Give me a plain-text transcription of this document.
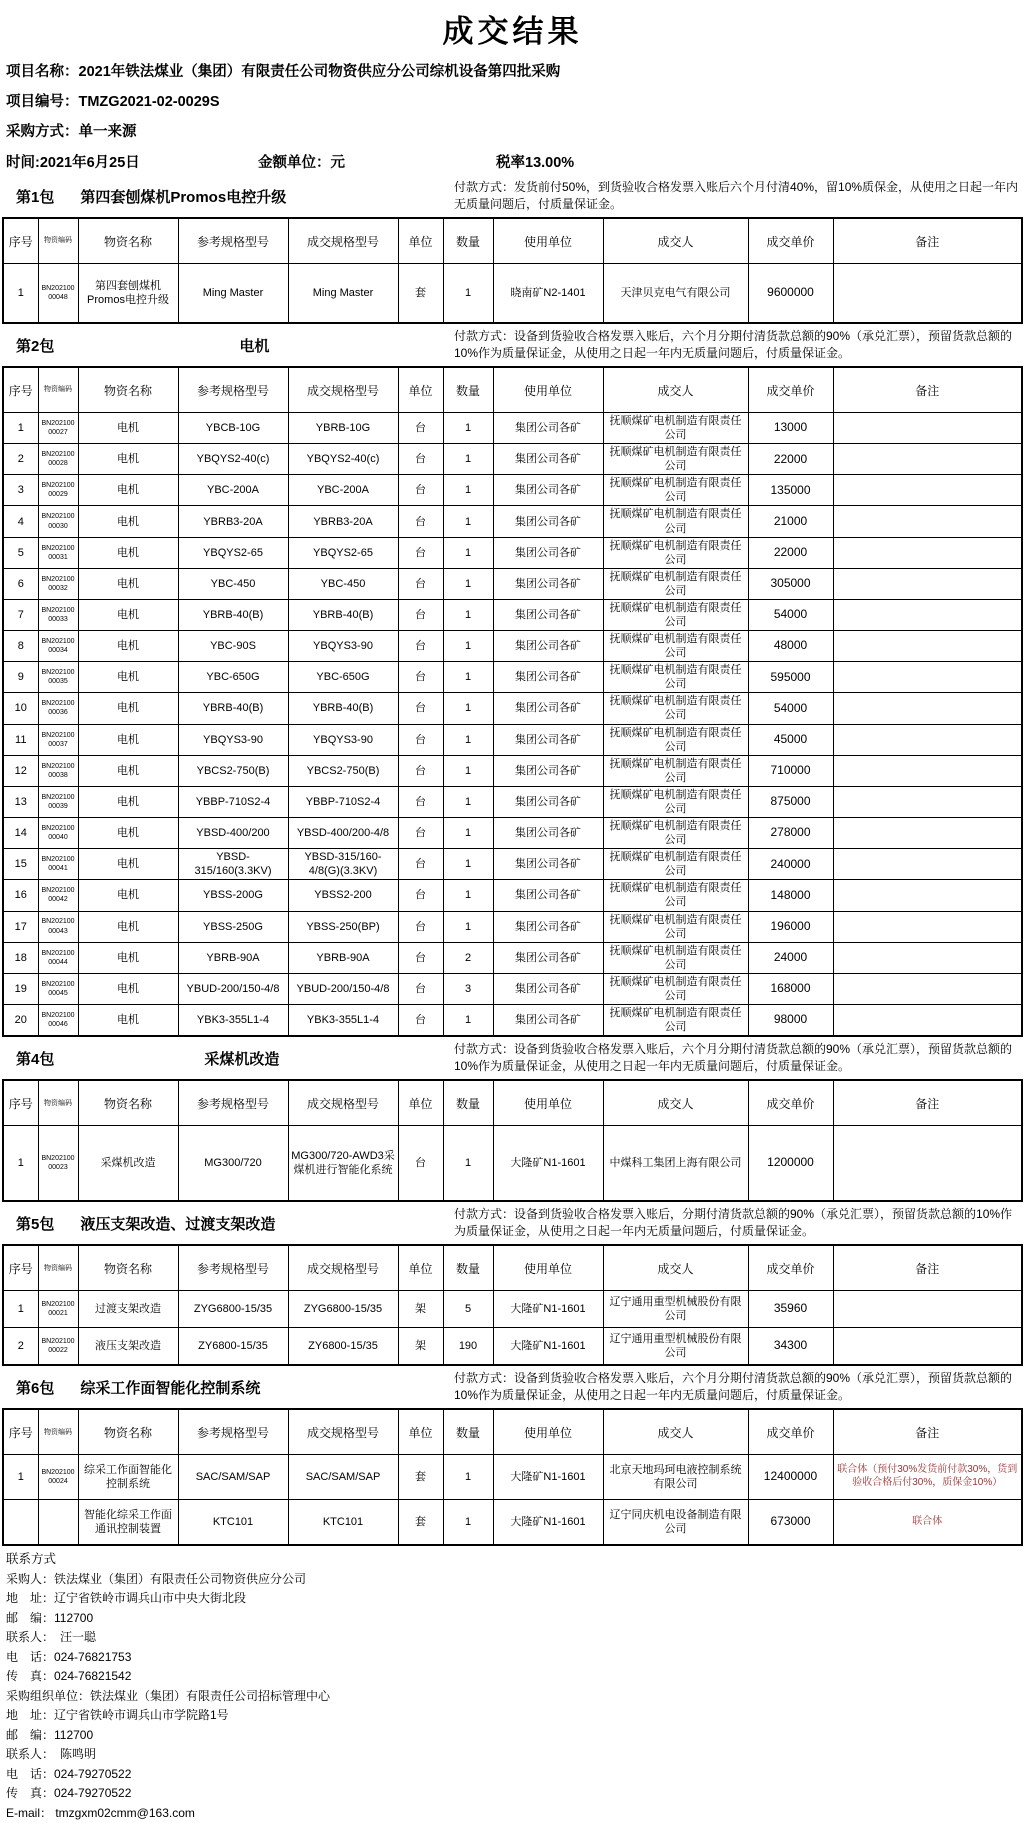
成交结果
项目名称：2021年铁法煤业（集团）有限责任公司物资供应分公司综机设备第四批采购
项目编号：TMZG2021-02-0029S
采购方式：单一来源
时间:2021年6月25日	金额单位：元	税率13.00%
第1包 第四套刨煤机Promos电控升级
付款方式：发货前付50%，到货验收合格发票入账后六个月付清40%，留10%质保金，从使用之日起一年内无质量问题后，付质量保证金。
序号	物资编码	物资名称	参考规格型号	成交规格型号	单位	数量	使用单位	成交人	成交单价	备注
1	BN20210000048	第四套刨煤机Promos电控升级	Ming Master	Ming Master	套	1	晓南矿N2-1401	天津贝克电气有限公司	9600000	
第2包	电机
付款方式：设备到货验收合格发票入账后，六个月分期付清货款总额的90%（承兑汇票），预留货款总额的10%作为质量保证金，从使用之日起一年内无质量问题后，付质量保证金。
序号	物资编码	物资名称	参考规格型号	成交规格型号	单位	数量	使用单位	成交人	成交单价	备注
1	BN20210000027	电机	YBCB-10G	YBRB-10G	台	1	集团公司各矿	抚顺煤矿电机制造有限责任公司	13000	
2	BN20210000028	电机	YBQYS2-40(c)	YBQYS2-40(c)	台	1	集团公司各矿	抚顺煤矿电机制造有限责任公司	22000	
3	BN20210000029	电机	YBC-200A	YBC-200A	台	1	集团公司各矿	抚顺煤矿电机制造有限责任公司	135000	
4	BN20210000030	电机	YBRB3-20A	YBRB3-20A	台	1	集团公司各矿	抚顺煤矿电机制造有限责任公司	21000	
5	BN20210000031	电机	YBQYS2-65	YBQYS2-65	台	1	集团公司各矿	抚顺煤矿电机制造有限责任公司	22000	
6	BN20210000032	电机	YBC-450	YBC-450	台	1	集团公司各矿	抚顺煤矿电机制造有限责任公司	305000	
7	BN20210000033	电机	YBRB-40(B)	YBRB-40(B)	台	1	集团公司各矿	抚顺煤矿电机制造有限责任公司	54000	
8	BN20210000034	电机	YBC-90S	YBQYS3-90	台	1	集团公司各矿	抚顺煤矿电机制造有限责任公司	48000	
9	BN20210000035	电机	YBC-650G	YBC-650G	台	1	集团公司各矿	抚顺煤矿电机制造有限责任公司	595000	
10	BN20210000036	电机	YBRB-40(B)	YBRB-40(B)	台	1	集团公司各矿	抚顺煤矿电机制造有限责任公司	54000	
11	BN20210000037	电机	YBQYS3-90	YBQYS3-90	台	1	集团公司各矿	抚顺煤矿电机制造有限责任公司	45000	
12	BN20210000038	电机	YBCS2-750(B)	YBCS2-750(B)	台	1	集团公司各矿	抚顺煤矿电机制造有限责任公司	710000	
13	BN20210000039	电机	YBBP-710S2-4	YBBP-710S2-4	台	1	集团公司各矿	抚顺煤矿电机制造有限责任公司	875000	
14	BN20210000040	电机	YBSD-400/200	YBSD-400/200-4/8	台	1	集团公司各矿	抚顺煤矿电机制造有限责任公司	278000	
15	BN20210000041	电机	YBSD-315/160(3.3KV)	YBSD-315/160-4/8(G)(3.3KV)	台	1	集团公司各矿	抚顺煤矿电机制造有限责任公司	240000	
16	BN20210000042	电机	YBSS-200G	YBSS2-200	台	1	集团公司各矿	抚顺煤矿电机制造有限责任公司	148000	
17	BN20210000043	电机	YBSS-250G	YBSS-250(BP)	台	1	集团公司各矿	抚顺煤矿电机制造有限责任公司	196000	
18	BN20210000044	电机	YBRB-90A	YBRB-90A	台	2	集团公司各矿	抚顺煤矿电机制造有限责任公司	24000	
19	BN20210000045	电机	YBUD-200/150-4/8	YBUD-200/150-4/8	台	3	集团公司各矿	抚顺煤矿电机制造有限责任公司	168000	
20	BN20210000046	电机	YBK3-355L1-4	YBK3-355L1-4	台	1	集团公司各矿	抚顺煤矿电机制造有限责任公司	98000	
第4包	采煤机改造
付款方式：设备到货验收合格发票入账后，六个月分期付清货款总额的90%（承兑汇票），预留货款总额的10%作为质量保证金，从使用之日起一年内无质量问题后，付质量保证金。
序号	物资编码	物资名称	参考规格型号	成交规格型号	单位	数量	使用单位	成交人	成交单价	备注
1	BN20210000023	采煤机改造	MG300/720	MG300/720-AWD3采煤机进行智能化系统	台	1	大隆矿N1-1601	中煤科工集团上海有限公司	1200000	
第5包 液压支架改造、过渡支架改造
付款方式：设备到货验收合格发票入账后，分期付清货款总额的90%（承兑汇票），预留货款总额的10%作为质量保证金，从使用之日起一年内无质量问题后，付质量保证金。
序号	物资编码	物资名称	参考规格型号	成交规格型号	单位	数量	使用单位	成交人	成交单价	备注
1	BN20210000021	过渡支架改造	ZYG6800-15/35	ZYG6800-15/35	架	5	大隆矿N1-1601	辽宁通用重型机械股份有限公司	35960	
2	BN20210000022	液压支架改造	ZY6800-15/35	ZY6800-15/35	架	190	大隆矿N1-1601	辽宁通用重型机械股份有限公司	34300	
第6包 综采工作面智能化控制系统
付款方式：设备到货验收合格发票入账后，六个月分期付清货款总额的90%（承兑汇票），预留货款总额的10%作为质量保证金，从使用之日起一年内无质量问题后，付质量保证金。
序号	物资编码	物资名称	参考规格型号	成交规格型号	单位	数量	使用单位	成交人	成交单价	备注
1	BN20210000024	综采工作面智能化控制系统	SAC/SAM/SAP	SAC/SAM/SAP	套	1	大隆矿N1-1601	北京天地玛珂电液控制系统有限公司	12400000	联合体（预付30%发货前付款30%，货到验收合格后付30%，质保金10%）
		智能化综采工作面通讯控制装置	KTC101	KTC101	套	1	大隆矿N1-1601	辽宁同庆机电设备制造有限公司	673000	联合体
联系方式
采购人：铁法煤业（集团）有限责任公司物资供应分公司
地　址：辽宁省铁岭市调兵山市中央大街北段
邮　编：112700
联系人：　汪一聪
电　话：024-76821753
传　真：024-76821542
采购组织单位：铁法煤业（集团）有限责任公司招标管理中心
地　址：辽宁省铁岭市调兵山市学院路1号
邮　编：112700
联系人：　陈鸣明
电　话：024-79270522
传　真：024-79270522
E-mail： tmzgxm02cmm@163.com
